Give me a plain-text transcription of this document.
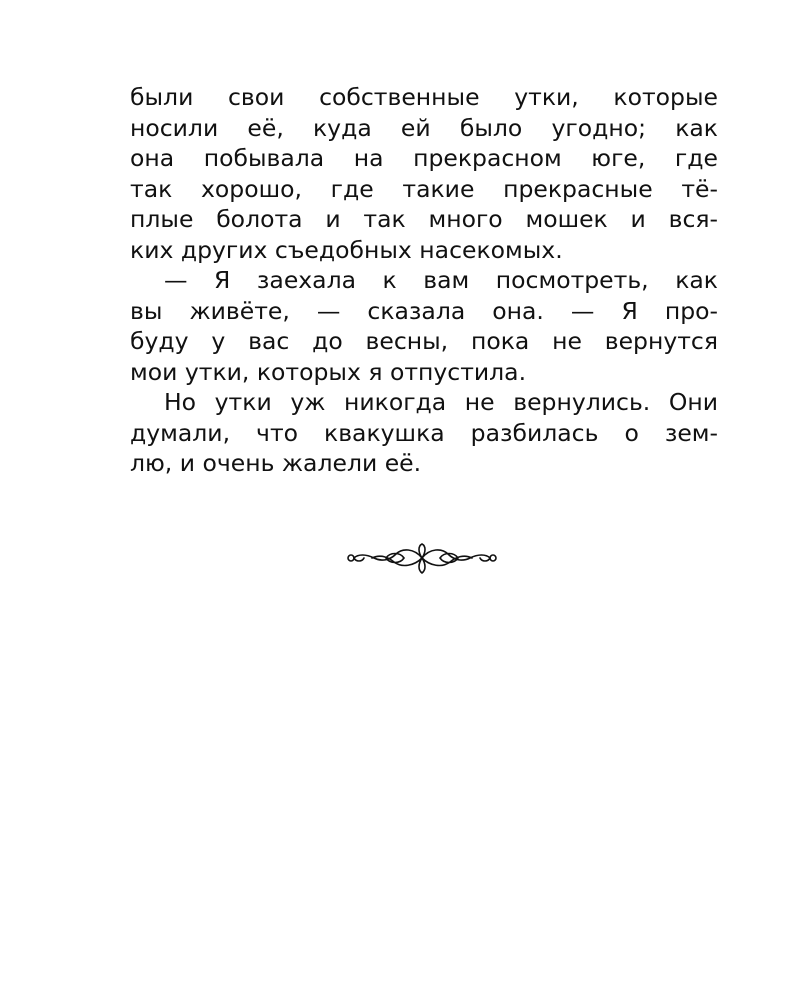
были свои собственные утки, которые
носили её, куда ей было угодно; как
она побывала на прекрасном юге, где
так хорошо, где такие прекрасные тё-
плые болота и так много мошек и вся-
ких других съедобных насекомых.
— Я заехала к вам посмотреть, как
вы живёте, — сказала она. — Я про-
буду у вас до весны, пока не вернутся
мои утки, которых я отпустила.
Но утки уж никогда не вернулись. Они
думали, что квакушка разбилась о зем-
лю, и очень жалели её.
